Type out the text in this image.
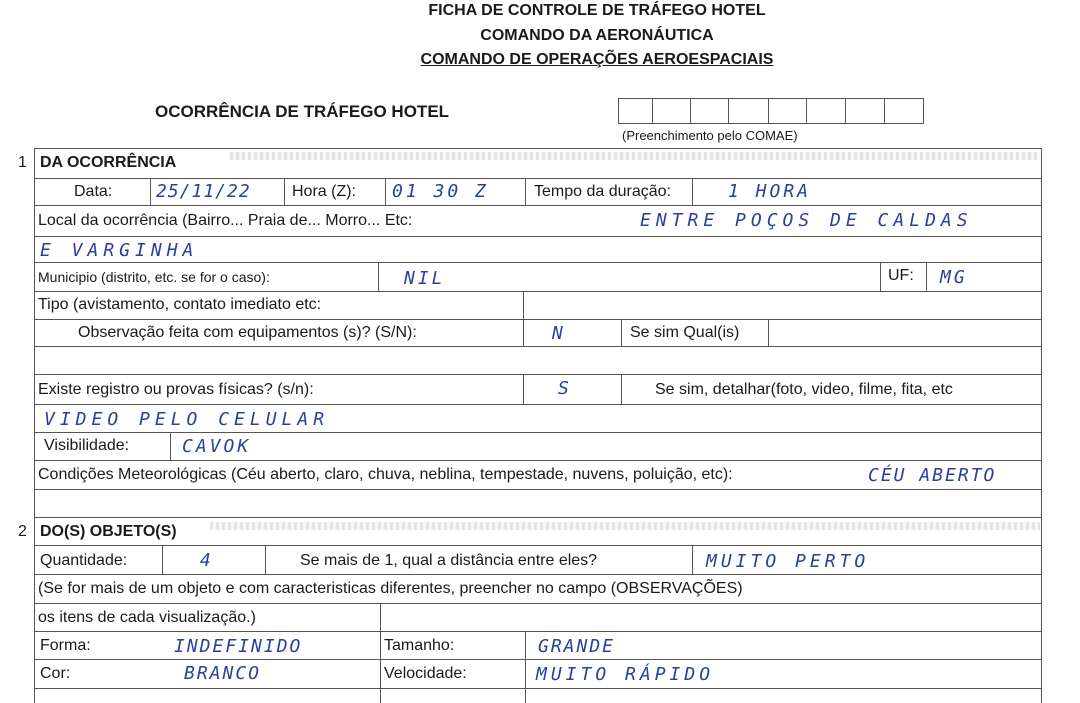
FICHA DE CONTROLE DE TRÁFEGO HOTEL
COMANDO DA AERONÁUTICA
COMANDO DE OPERAÇÕES AEROESPACIAIS
OCORRÊNCIA DE TRÁFEGO HOTEL
(Preenchimento pelo COMAE)
1 DA OCORRÊNCIA
Data: 25/11/22	Hora (Z): 01 30 Z	Tempo da duração:	1 HORA
Local da ocorrência (Bairro... Praia de... Morro... Etc:	ENTRE POÇOS DE CALDAS
E VARGINHA
Municipio (distrito, etc. se for o caso):	NIL	UF: MG
Tipo (avistamento, contato imediato etc:
Observação feita com equipamentos (s)? (S/N):	N	Se sim Qual(is)
Existe registro ou provas físicas? (s/n):	S	Se sim, detalhar(foto, video, filme, fita, etc
VIDEO PELO CELULAR
Visibilidade:	CAVOK
Condições Meteorológicas (Céu aberto, claro, chuva, neblina, tempestade, nuvens, poluição, etc):	CÉU ABERTO
2 DO(S) OBJETO(S)
Quantidade:	4	Se mais de 1, qual a distância entre eles?	MUITO PERTO
(Se for mais de um objeto e com caracteristicas diferentes, preencher no campo (OBSERVAÇÕES)
os itens de cada visualização.)
Forma:	INDEFINIDO	Tamanho:	GRANDE
Cor:	BRANCO	Velocidade:	MUITO RÁPIDO
